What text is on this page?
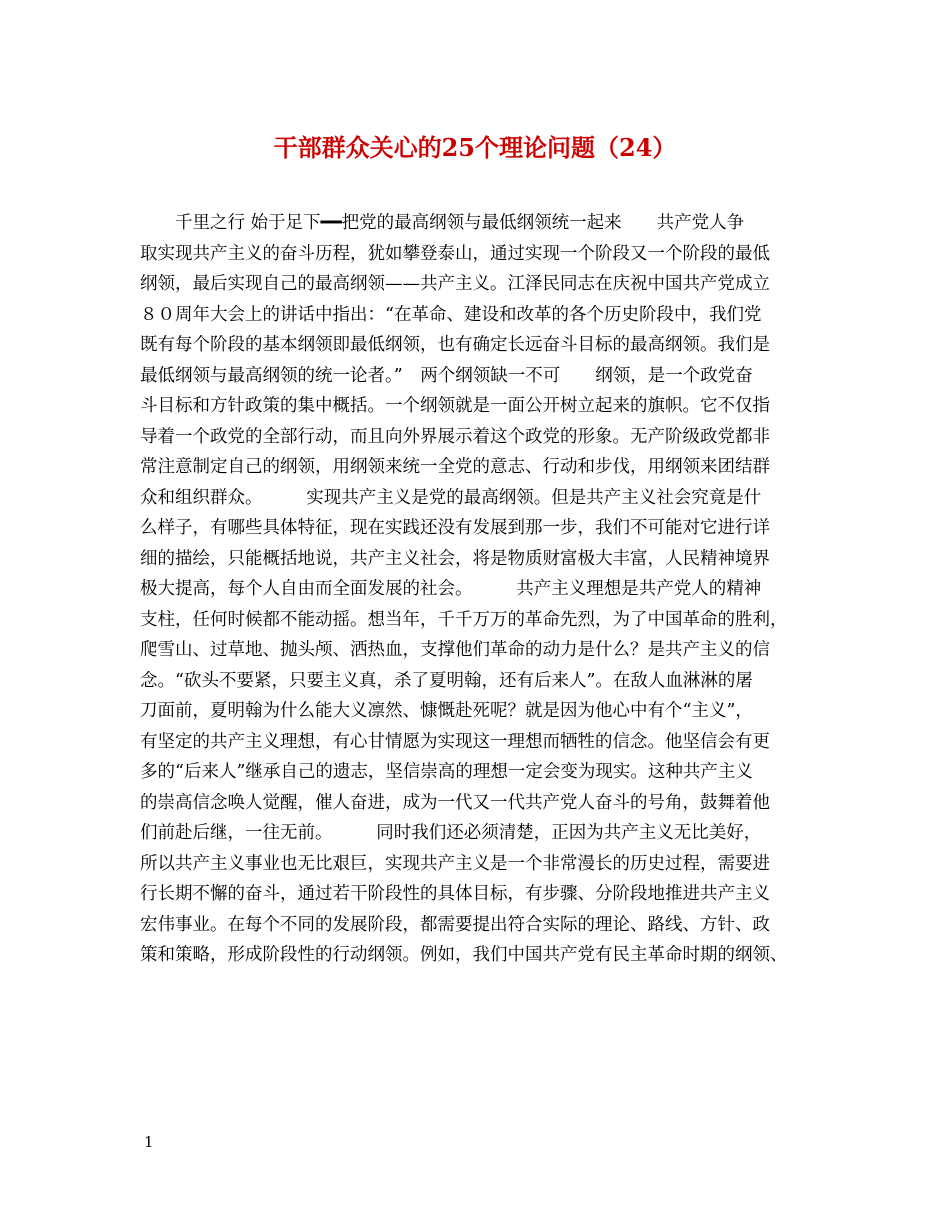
干部群众关心的25个理论问题（24）
　　千里之行 始于足下━━把党的最高纲领与最低纲领统一起来　　共产党人争
取实现共产主义的奋斗历程，犹如攀登泰山，通过实现一个阶段又一个阶段的最低
纲领，最后实现自己的最高纲领——共产主义。江泽民同志在庆祝中国共产党成立
８０周年大会上的讲话中指出：“在革命、建设和改革的各个历史阶段中，我们党
既有每个阶段的基本纲领即最低纲领，也有确定长远奋斗目标的最高纲领。我们是
最低纲领与最高纲领的统一论者。”　两个纲领缺一不可　　纲领，是一个政党奋
斗目标和方针政策的集中概括。一个纲领就是一面公开树立起来的旗帜。它不仅指
导着一个政党的全部行动，而且向外界展示着这个政党的形象。无产阶级政党都非
常注意制定自己的纲领，用纲领来统一全党的意志、行动和步伐，用纲领来团结群
众和组织群众。　　　实现共产主义是党的最高纲领。但是共产主义社会究竟是什
么样子，有哪些具体特征，现在实践还没有发展到那一步，我们不可能对它进行详
细的描绘，只能概括地说，共产主义社会，将是物质财富极大丰富，人民精神境界
极大提高，每个人自由而全面发展的社会。　　　共产主义理想是共产党人的精神
支柱，任何时候都不能动摇。想当年，千千万万的革命先烈，为了中国革命的胜利，
爬雪山、过草地、抛头颅、洒热血，支撑他们革命的动力是什么？是共产主义的信
念。“砍头不要紧，只要主义真，杀了夏明翰，还有后来人”。在敌人血淋淋的屠
刀面前，夏明翰为什么能大义凛然、慷慨赴死呢？就是因为他心中有个“主义”，
有坚定的共产主义理想，有心甘情愿为实现这一理想而牺牲的信念。他坚信会有更
多的“后来人”继承自己的遗志，坚信崇高的理想一定会变为现实。这种共产主义
的崇高信念唤人觉醒，催人奋进，成为一代又一代共产党人奋斗的号角，鼓舞着他
们前赴后继，一往无前。　　　同时我们还必须清楚，正因为共产主义无比美好，
所以共产主义事业也无比艰巨，实现共产主义是一个非常漫长的历史过程，需要进
行长期不懈的奋斗，通过若干阶段性的具体目标，有步骤、分阶段地推进共产主义
宏伟事业。在每个不同的发展阶段，都需要提出符合实际的理论、路线、方针、政
策和策略，形成阶段性的行动纲领。例如，我们中国共产党有民主革命时期的纲领、
1
